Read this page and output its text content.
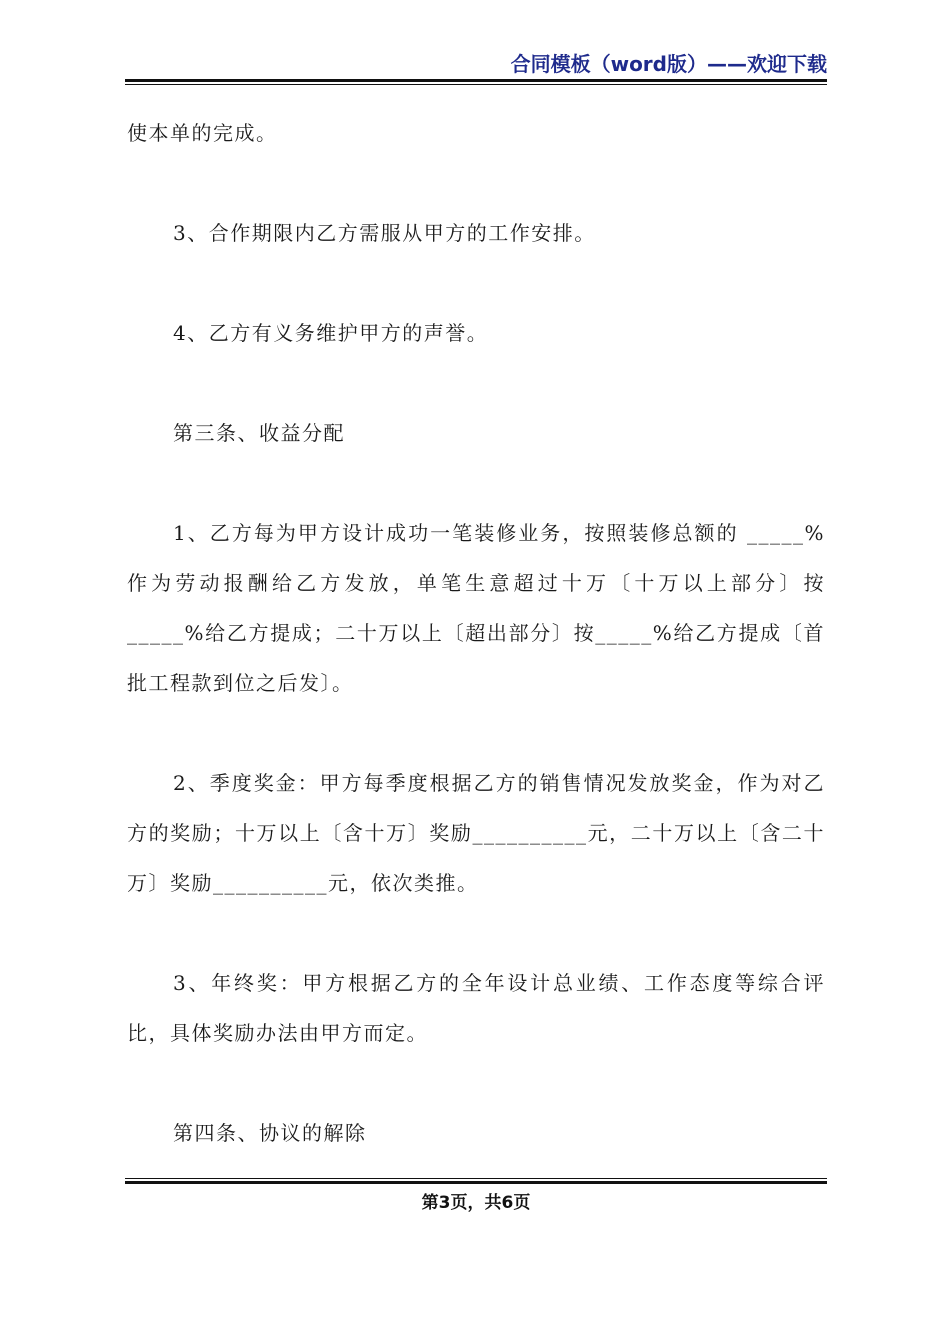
合同模板（word版）——欢迎下载

使本单的完成。

3、合作期限内乙方需服从甲方的工作安排。

4、乙方有义务维护甲方的声誉。

第三条、收益分配

1、乙方每为甲方设计成功一笔装修业务，按照装修总额的 _____%作为劳动报酬给乙方发放，单笔生意超过十万〔十万以上部分〕按_____%给乙方提成；二十万以上〔超出部分〕按_____%给乙方提成〔首批工程款到位之后发〕。

2、季度奖金：甲方每季度根据乙方的销售情况发放奖金，作为对乙方的奖励；十万以上〔含十万〕奖励__________元，二十万以上〔含二十万〕奖励__________元，依次类推。

3、年终奖：甲方根据乙方的全年设计总业绩、工作态度等综合评比，具体奖励办法由甲方而定。

第四条、协议的解除

第3页，共6页
